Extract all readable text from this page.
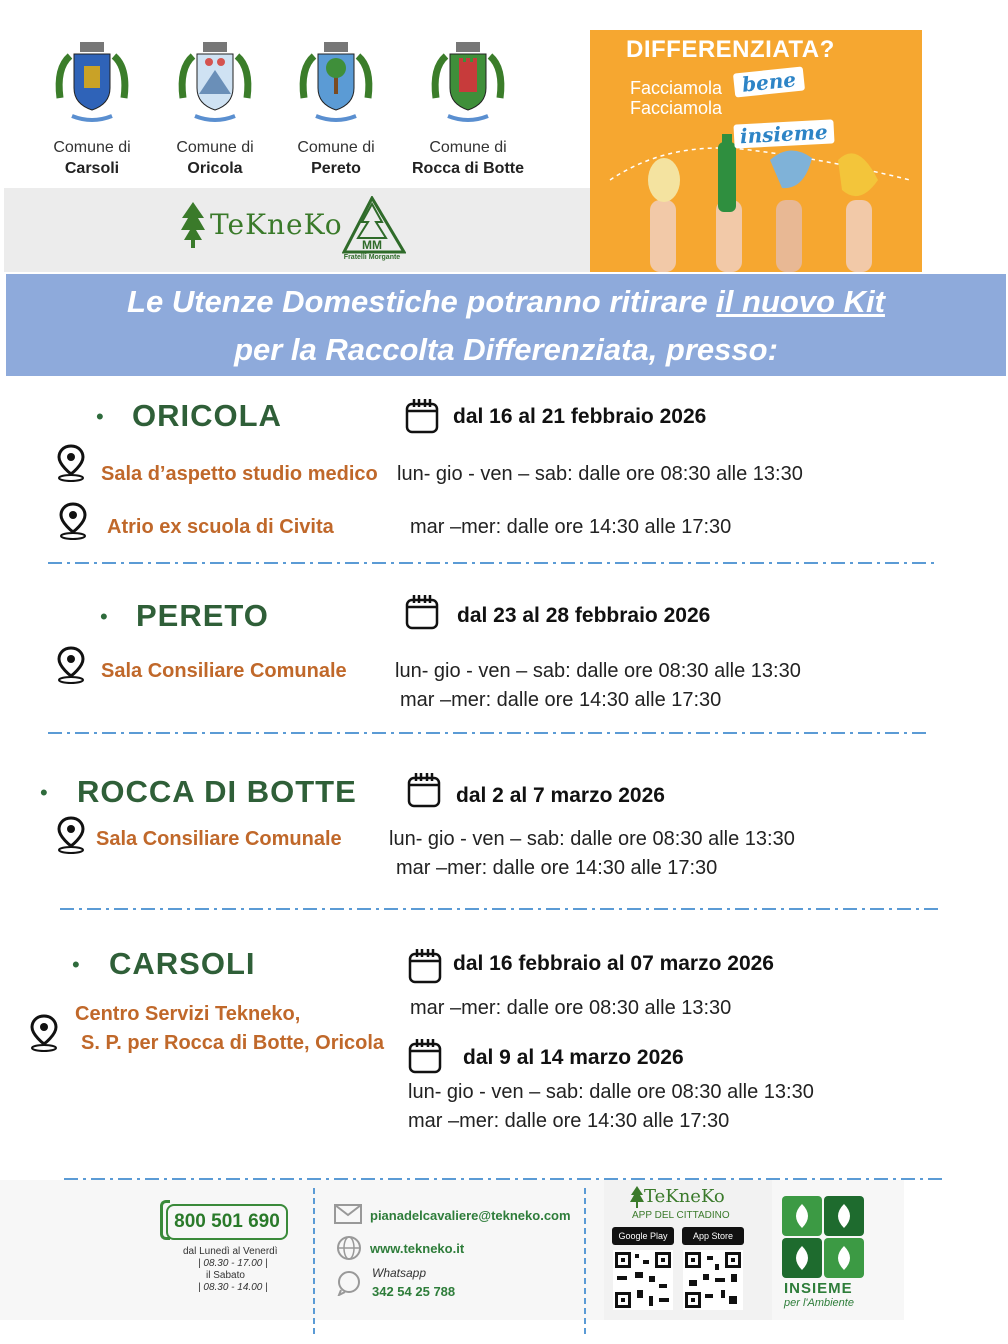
Comune di
Carsoli
Comune di
Oricola
Comune di
Pereto
Comune di
Rocca di Botte
TeKneKo
MM
Fratelli Morgante
DIFFERENZIATA?
Facciamola
Facciamola
bene
insieme
Le Utenze Domestiche potranno ritirare il nuovo Kit
per la Raccolta Differenziata, presso:
• ORICOLA	dal 16 al 21 febbraio 2026
Sala d’aspetto studio medico lun- gio - ven – sab: dalle ore 08:30 alle 13:30
Atrio ex scuola di Civita	mar –mer: dalle ore 14:30 alle 17:30
• PERETO	dal 23 al 28 febbraio 2026
Sala Consiliare Comunale lun- gio - ven – sab: dalle ore 08:30 alle 13:30
mar –mer: dalle ore 14:30 alle 17:30
• ROCCA DI BOTTE	dal 2 al 7 marzo 2026
Sala Consiliare Comunale lun- gio - ven – sab: dalle ore 08:30 alle 13:30
mar –mer: dalle ore 14:30 alle 17:30
• CARSOLI	dal 16 febbraio al 07 marzo 2026
mar –mer: dalle ore 08:30 alle 13:30
Centro Servizi Tekneko,
S. P. per Rocca di Botte, Oricola
dal 9 al 14 marzo 2026
lun- gio - ven – sab: dalle ore 08:30 alle 13:30
mar –mer: dalle ore 14:30 alle 17:30
800 501 690
dal Lunedì al Venerdì
| 08.30 - 17.00 |
il Sabato
| 08.30 - 14.00 |
pianadelcavaliere@tekneko.com
www.tekneko.it
Whatsapp
342 54 25 788
TeKneKo
APP DEL CITTADINO
Google Play	App Store
INSIEME
per l'Ambiente
